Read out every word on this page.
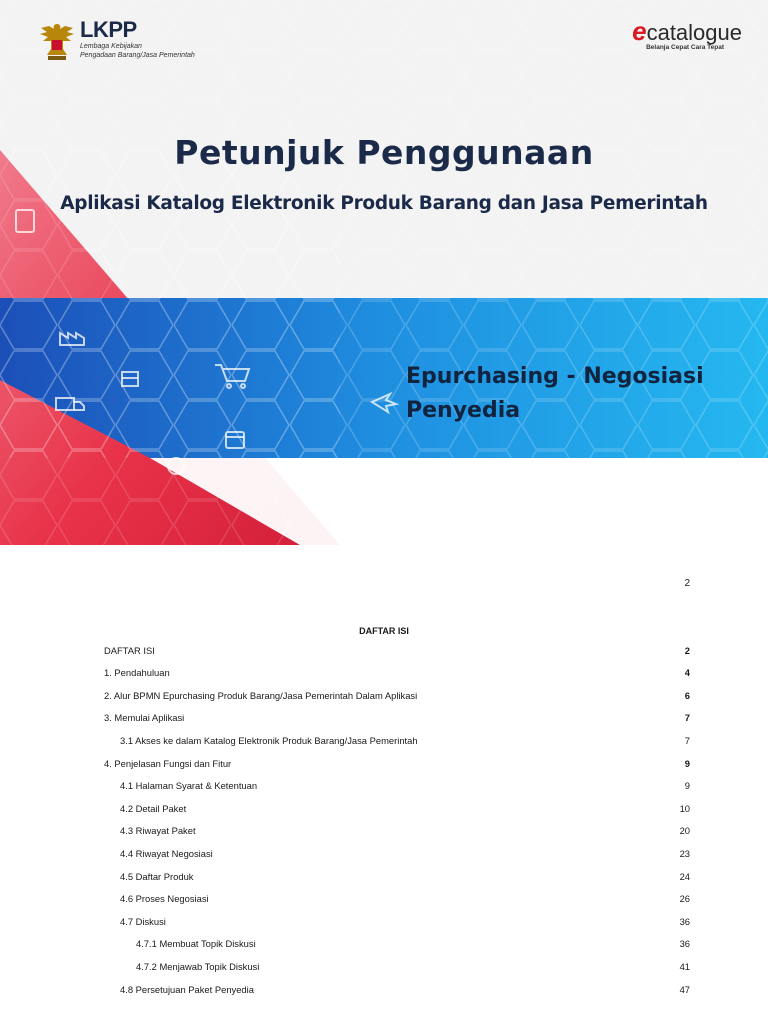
LKPP
Lembaga Kebijakan
Pengadaan Barang/Jasa Pemerintah
ecatalogue
Belanja Cepat Cara Tepat
Petunjuk Penggunaan
Aplikasi Katalog Elektronik Produk Barang dan Jasa Pemerintah
Epurchasing - Negosiasi
Penyedia
2
DAFTAR ISI
DAFTAR ISI	2
1. Pendahuluan	4
2. Alur BPMN Epurchasing Produk Barang/Jasa Pemerintah Dalam Aplikasi	6
3. Memulai Aplikasi	7
3.1 Akses ke dalam Katalog Elektronik Produk Barang/Jasa Pemerintah	7
4. Penjelasan Fungsi dan Fitur	9
4.1 Halaman Syarat & Ketentuan	9
4.2 Detail Paket	10
4.3 Riwayat Paket	20
4.4 Riwayat Negosiasi	23
4.5 Daftar Produk	24
4.6 Proses Negosiasi	26
4.7 Diskusi	36
4.7.1 Membuat Topik Diskusi	36
4.7.2 Menjawab Topik Diskusi	41
4.8 Persetujuan Paket Penyedia	47
